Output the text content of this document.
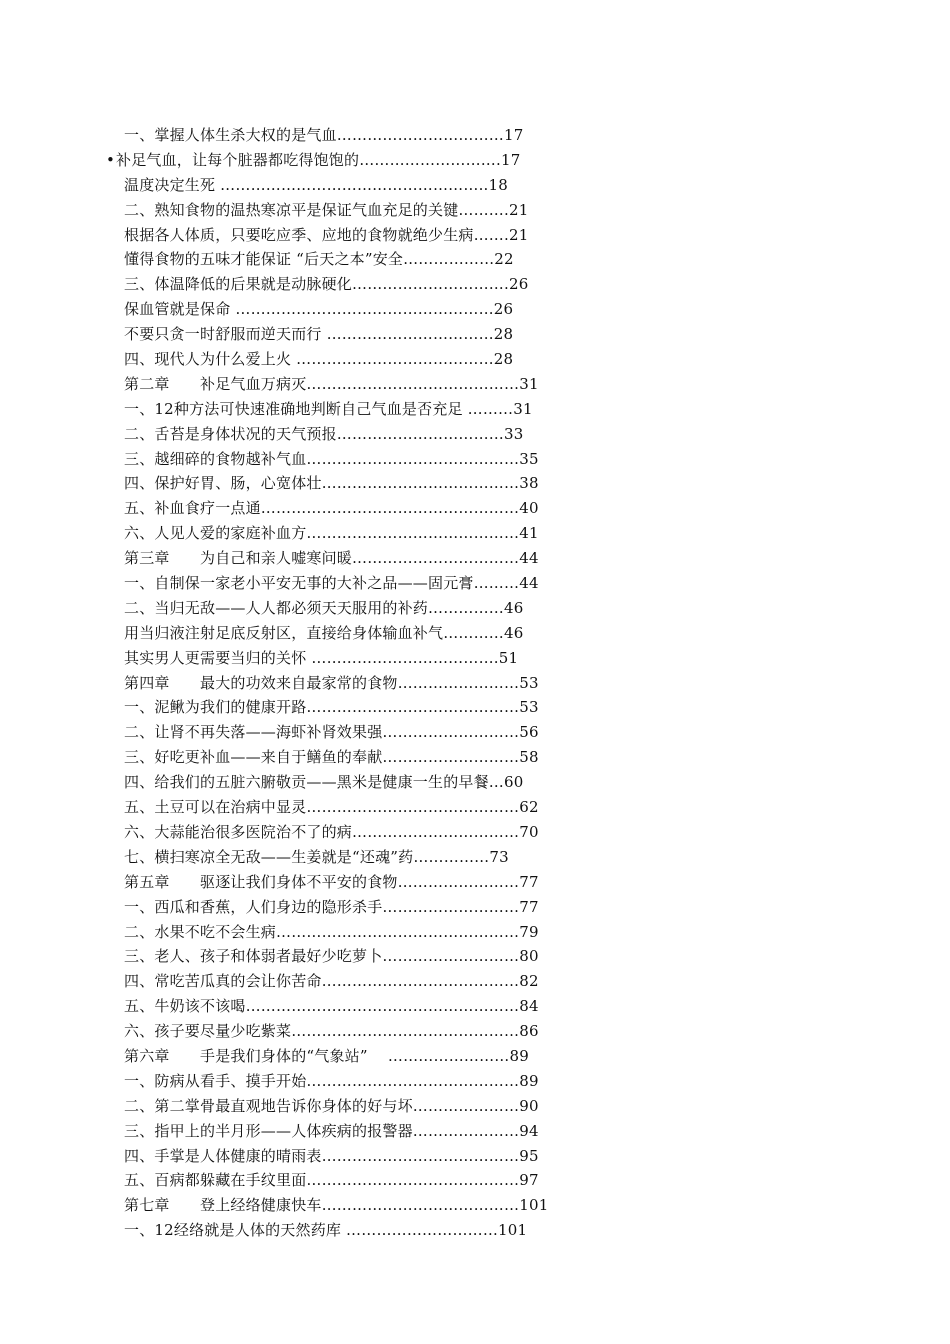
一、掌握人体生杀大权的是气血……………………………17
• 补足气血，让每个脏器都吃得饱饱的……………………….17
温度决定生死 ……………………………………………..18
二、熟知食物的温热寒凉平是保证气血充足的关键……….21
根据各人体质，只要吃应季、应地的食物就绝少生病…….21
懂得食物的五味才能保证 “后天之本”安全………………22
三、体温降低的后果就是动脉硬化………………………….26
保血管就是保命 ……………………………………………26
不要只贪一时舒服而逆天而行 ……………………………28
四、现代人为什么爱上火 …………………………………28
第二章　　补足气血万病灭……………………………………31
一、12种方法可快速准确地判断自己气血是否充足 ………31
二、舌苔是身体状况的天气预报……………………………33
三、越细碎的食物越补气血……………………………………35
四、保护好胃、肠，心宽体壮…………………………………38
五、补血食疗一点通……………………………………………40
六、人见人爱的家庭补血方……………………………………41
第三章　　为自己和亲人嘘寒问暖……………………………44
一、自制保一家老小平安无事的大补之品——固元膏………44
二、当归无敌——人人都必须天天服用的补药……………46
用当归液注射足底反射区，直接给身体输血补气…………46
其实男人更需要当归的关怀 ……………………………….51
第四章　　最大的功效来自最家常的食物……………………53
一、泥鳅为我们的健康开路……………………………………53
二、让肾不再失落——海虾补肾效果强………………………56
三、好吃更补血——来自于鳝鱼的奉献………………………58
四、给我们的五脏六腑敬贡——黑米是健康一生的早餐…60
五、土豆可以在治病中显灵……………………………………62
六、大蒜能治很多医院治不了的病……………………………70
七、横扫寒凉全无敌——生姜就是“还魂”药……………73
第五章　　驱逐让我们身体不平安的食物……………………77
一、西瓜和香蕉，人们身边的隐形杀手………………………77
二、水果不吃不会生病…………………………………………79
三、老人、孩子和体弱者最好少吃萝卜………………………80
四、常吃苦瓜真的会让你苦命…………………………………82
五、牛奶该不该喝………………………………………………84
六、孩子要尽量少吃紫菜………………………………………86
第六章　　手是我们身体的“气象站”　 ……………………89
一、防病从看手、摸手开始……………………………………89
二、第二掌骨最直观地告诉你身体的好与坏…………………90
三、指甲上的半月形——人体疾病的报警器…………………94
四、手掌是人体健康的晴雨表…………………………………95
五、百病都躲藏在手纹里面……………………………………97
第七章　　登上经络健康快车…………………………………101
一、12经络就是人体的天然药库 …………………………101
